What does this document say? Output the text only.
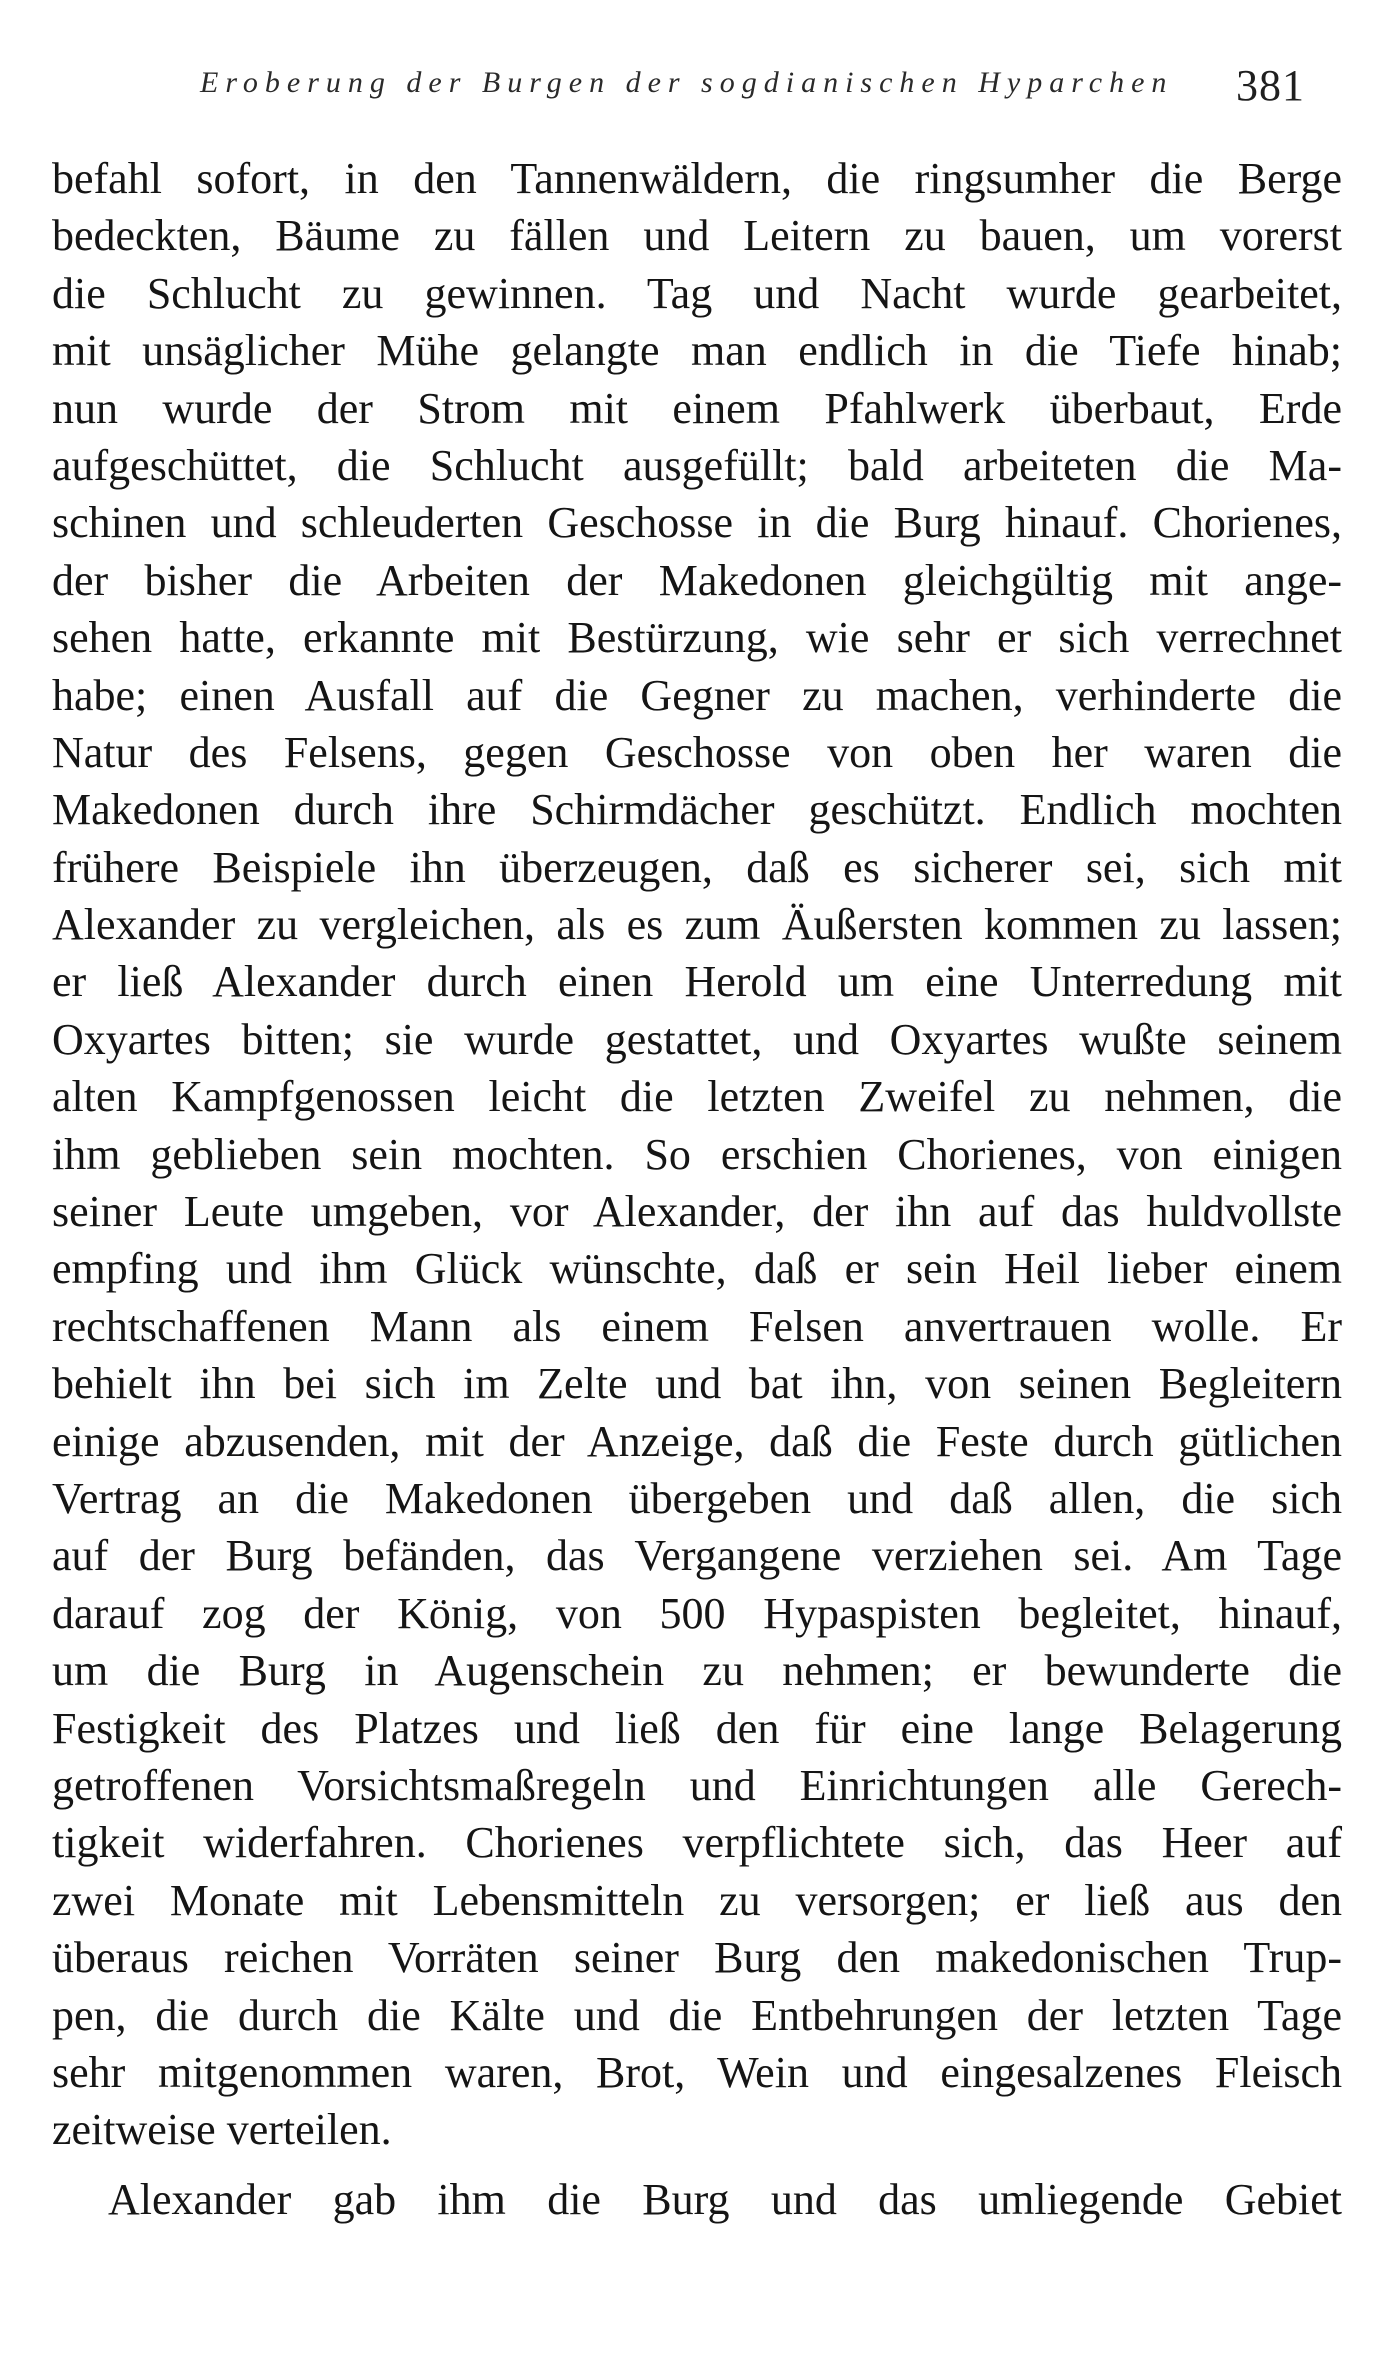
Eroberung der Burgen der sogdianischen Hyparchen 381
befahl sofort, in den Tannenwäldern, die ringsumher die Berge
bedeckten, Bäume zu fällen und Leitern zu bauen, um vorerst
die Schlucht zu gewinnen. Tag und Nacht wurde gearbeitet,
mit unsäglicher Mühe gelangte man endlich in die Tiefe hinab;
nun wurde der Strom mit einem Pfahlwerk überbaut, Erde
aufgeschüttet, die Schlucht ausgefüllt; bald arbeiteten die Ma-
schinen und schleuderten Geschosse in die Burg hinauf. Chorienes,
der bisher die Arbeiten der Makedonen gleichgültig mit ange-
sehen hatte, erkannte mit Bestürzung, wie sehr er sich verrechnet
habe; einen Ausfall auf die Gegner zu machen, verhinderte die
Natur des Felsens, gegen Geschosse von oben her waren die
Makedonen durch ihre Schirmdächer geschützt. Endlich mochten
frühere Beispiele ihn überzeugen, daß es sicherer sei, sich mit
Alexander zu vergleichen, als es zum Äußersten kommen zu lassen;
er ließ Alexander durch einen Herold um eine Unterredung mit
Oxyartes bitten; sie wurde gestattet, und Oxyartes wußte seinem
alten Kampfgenossen leicht die letzten Zweifel zu nehmen, die
ihm geblieben sein mochten. So erschien Chorienes, von einigen
seiner Leute umgeben, vor Alexander, der ihn auf das huldvollste
empfing und ihm Glück wünschte, daß er sein Heil lieber einem
rechtschaffenen Mann als einem Felsen anvertrauen wolle. Er
behielt ihn bei sich im Zelte und bat ihn, von seinen Begleitern
einige abzusenden, mit der Anzeige, daß die Feste durch gütlichen
Vertrag an die Makedonen übergeben und daß allen, die sich
auf der Burg befänden, das Vergangene verziehen sei. Am Tage
darauf zog der König, von 500 Hypaspisten begleitet, hinauf,
um die Burg in Augenschein zu nehmen; er bewunderte die
Festigkeit des Platzes und ließ den für eine lange Belagerung
getroffenen Vorsichtsmaßregeln und Einrichtungen alle Gerech-
tigkeit widerfahren. Chorienes verpflichtete sich, das Heer auf
zwei Monate mit Lebensmitteln zu versorgen; er ließ aus den
überaus reichen Vorräten seiner Burg den makedonischen Trup-
pen, die durch die Kälte und die Entbehrungen der letzten Tage
sehr mitgenommen waren, Brot, Wein und eingesalzenes Fleisch
zeitweise verteilen.
Alexander gab ihm die Burg und das umliegende Gebiet
